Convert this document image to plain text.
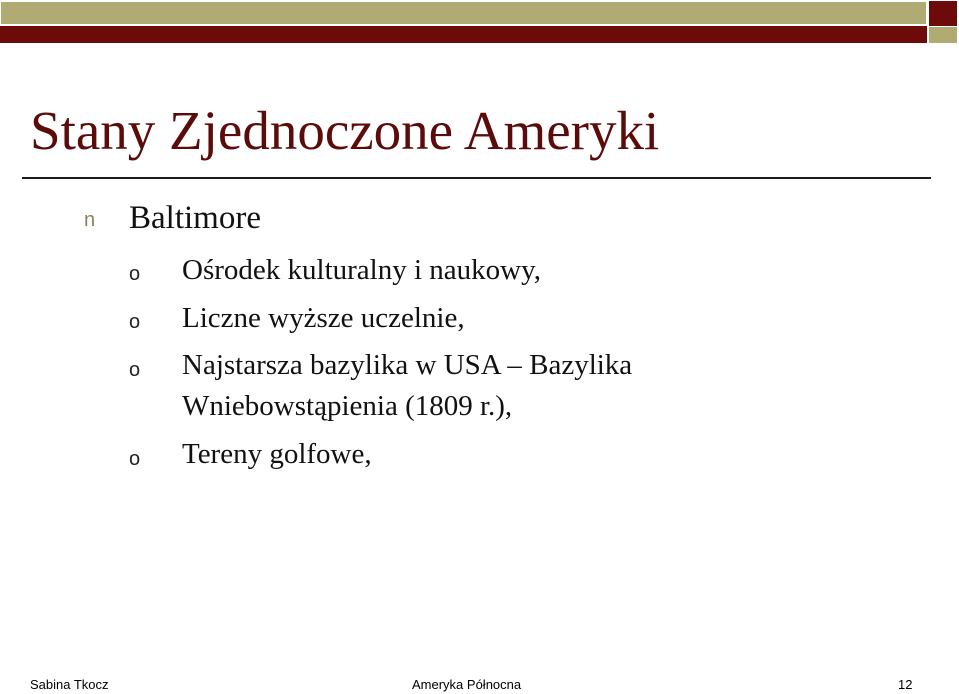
Stany Zjednoczone Ameryki
n Baltimore
o Ośrodek kulturalny i naukowy,
o Liczne wyższe uczelnie,
o Najstarsza bazylika w USA – Bazylika
Wniebowstąpienia (1809 r.),
o Tereny golfowe,
Sabina Tkocz	Ameryka Północna	12
